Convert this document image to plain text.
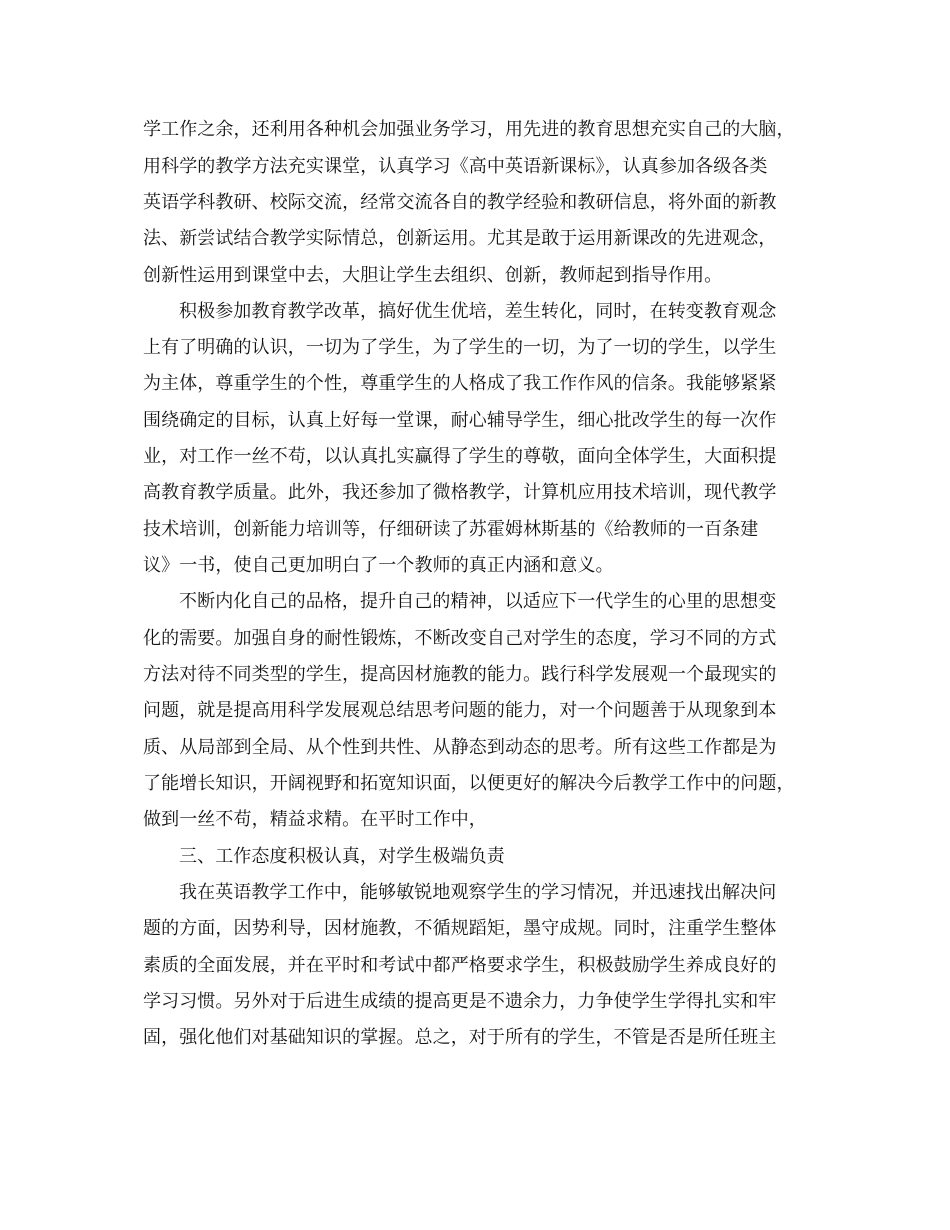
学工作之余，还利用各种机会加强业务学习，用先进的教育思想充实自己的大脑，
用科学的教学方法充实课堂，认真学习《高中英语新课标》，认真参加各级各类
英语学科教研、校际交流，经常交流各自的教学经验和教研信息，将外面的新教
法、新尝试结合教学实际情总，创新运用。尤其是敢于运用新课改的先进观念，
创新性运用到课堂中去，大胆让学生去组织、创新，教师起到指导作用。
积极参加教育教学改革，搞好优生优培，差生转化，同时，在转变教育观念
上有了明确的认识，一切为了学生，为了学生的一切，为了一切的学生，以学生
为主体，尊重学生的个性，尊重学生的人格成了我工作作风的信条。我能够紧紧
围绕确定的目标，认真上好每一堂课，耐心辅导学生，细心批改学生的每一次作
业，对工作一丝不苟，以认真扎实赢得了学生的尊敬，面向全体学生，大面积提
高教育教学质量。此外，我还参加了微格教学，计算机应用技术培训，现代教学
技术培训，创新能力培训等，仔细研读了苏霍姆林斯基的《给教师的一百条建
议》一书，使自己更加明白了一个教师的真正内涵和意义。
不断内化自己的品格，提升自己的精神，以适应下一代学生的心里的思想变
化的需要。加强自身的耐性锻炼，不断改变自己对学生的态度，学习不同的方式
方法对待不同类型的学生，提高因材施教的能力。践行科学发展观一个最现实的
问题，就是提高用科学发展观总结思考问题的能力，对一个问题善于从现象到本
质、从局部到全局、从个性到共性、从静态到动态的思考。所有这些工作都是为
了能增长知识，开阔视野和拓宽知识面，以便更好的解决今后教学工作中的问题，
做到一丝不苟，精益求精。在平时工作中，
三、工作态度积极认真，对学生极端负责
我在英语教学工作中，能够敏锐地观察学生的学习情况，并迅速找出解决问
题的方面，因势利导，因材施教，不循规蹈矩，墨守成规。同时，注重学生整体
素质的全面发展，并在平时和考试中都严格要求学生，积极鼓励学生养成良好的
学习习惯。另外对于后进生成绩的提高更是不遗余力，力争使学生学得扎实和牢
固，强化他们对基础知识的掌握。总之，对于所有的学生，不管是否是所任班主
